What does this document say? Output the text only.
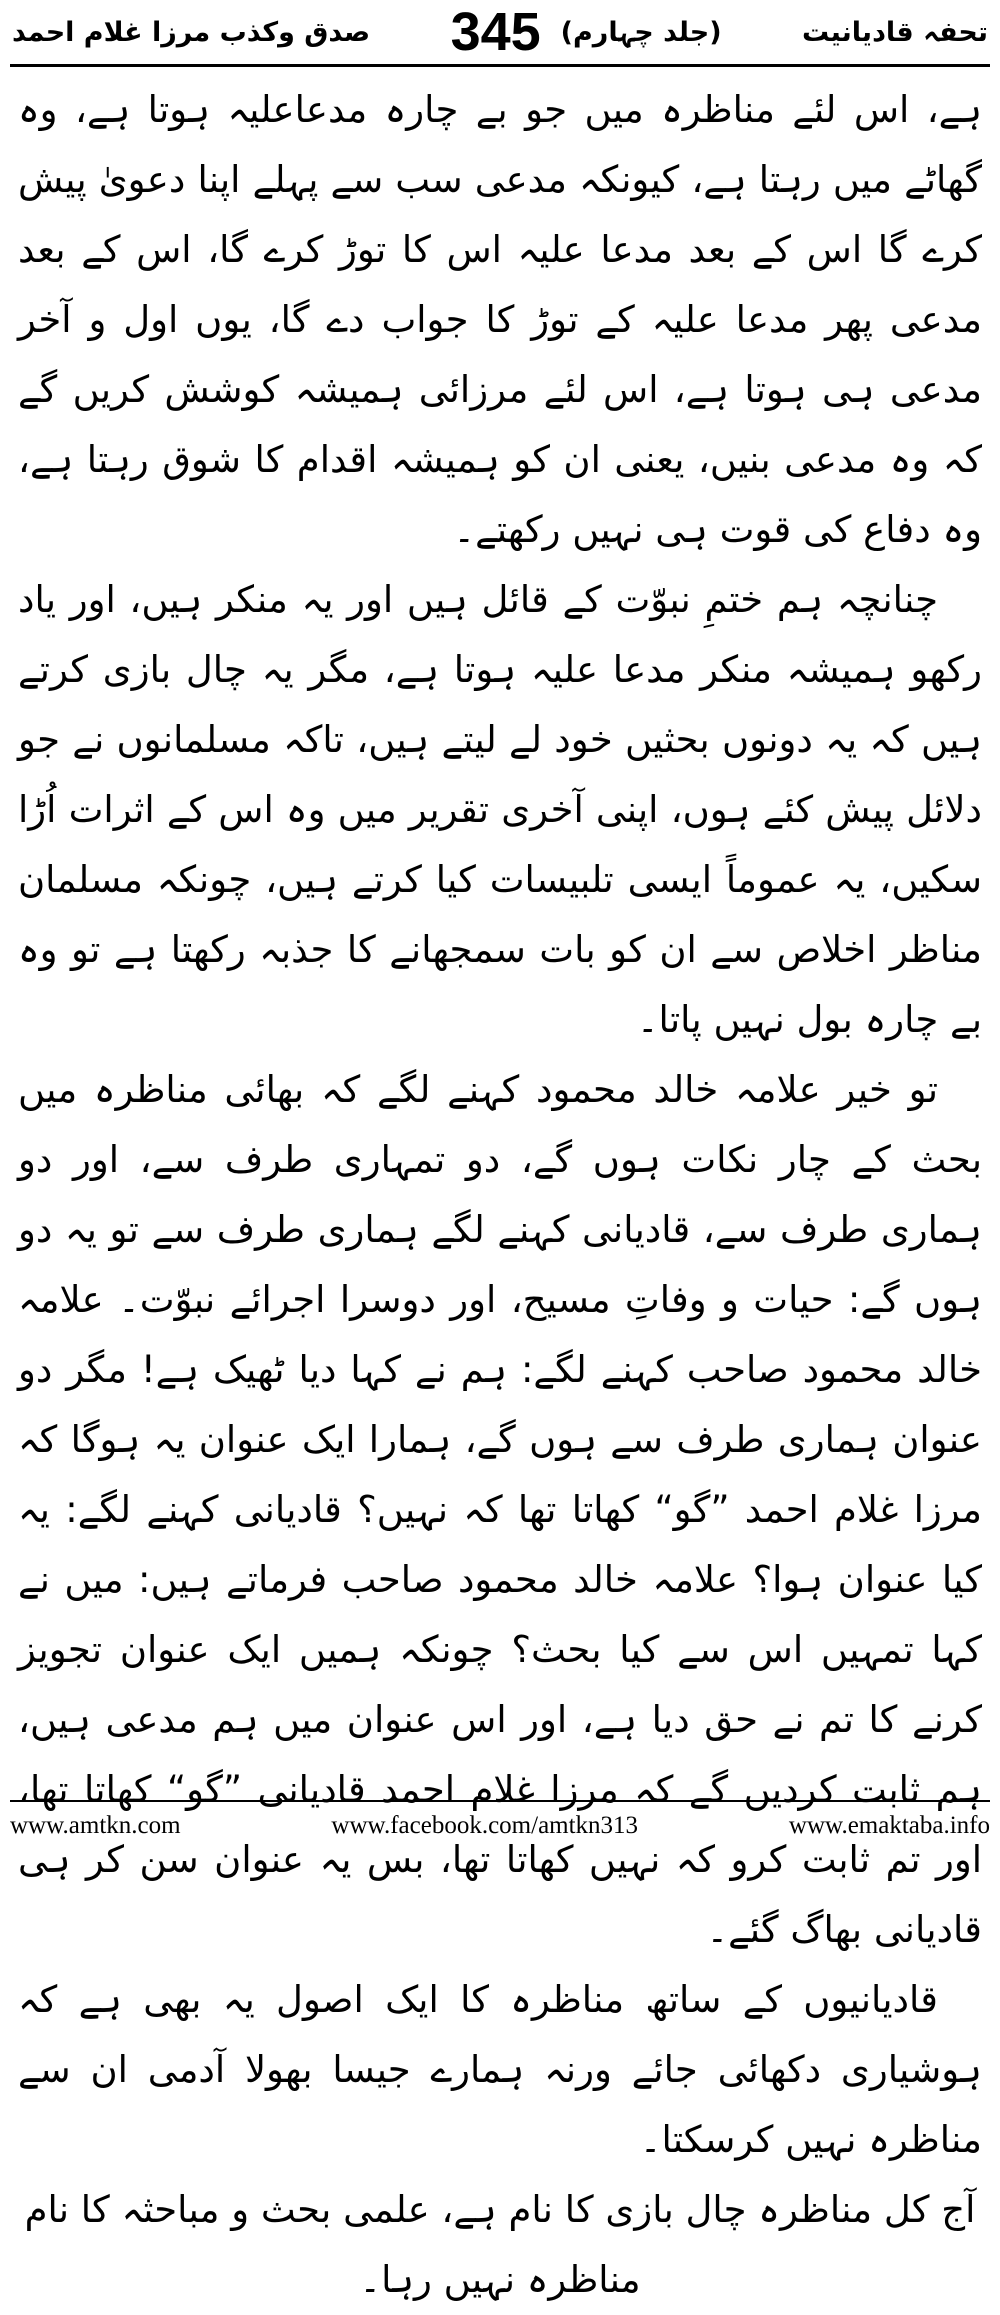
تحفہ قادیانیت
(جلد چہارم)
345
صدق وکذب مرزا غلام احمد

ہے، اس لئے مناظرہ میں جو بے چارہ مدعاعلیہ ہوتا ہے، وہ گھاٹے میں رہتا ہے، کیونکہ مدعی سب سے پہلے اپنا دعویٰ پیش کرے گا اس کے بعد مدعا علیہ اس کا توڑ کرے گا، اس کے بعد مدعی پھر مدعا علیہ کے توڑ کا جواب دے گا، یوں اول و آخر مدعی ہی ہوتا ہے، اس لئے مرزائی ہمیشہ کوشش کریں گے کہ وہ مدعی بنیں، یعنی ان کو ہمیشہ اقدام کا شوق رہتا ہے، وہ دفاع کی قوت ہی نہیں رکھتے۔

چنانچہ ہم ختمِ نبوّت کے قائل ہیں اور یہ منکر ہیں، اور یاد رکھو ہمیشہ منکر مدعا علیہ ہوتا ہے، مگر یہ چال بازی کرتے ہیں کہ یہ دونوں بحثیں خود لے لیتے ہیں، تاکہ مسلمانوں نے جو دلائل پیش کئے ہوں، اپنی آخری تقریر میں وہ اس کے اثرات اُڑا سکیں، یہ عموماً ایسی تلبیسات کیا کرتے ہیں، چونکہ مسلمان مناظر اخلاص سے ان کو بات سمجھانے کا جذبہ رکھتا ہے تو وہ بے چارہ بول نہیں پاتا۔

تو خیر علامہ خالد محمود کہنے لگے کہ بھائی مناظرہ میں بحث کے چار نکات ہوں گے، دو تمہاری طرف سے، اور دو ہماری طرف سے، قادیانی کہنے لگے ہماری طرف سے تو یہ دو ہوں گے: حیات و وفاتِ مسیح، اور دوسرا اجرائے نبوّت۔ علامہ خالد محمود صاحب کہنے لگے: ہم نے کہا دیا ٹھیک ہے! مگر دو عنوان ہماری طرف سے ہوں گے، ہمارا ایک عنوان یہ ہوگا کہ مرزا غلام احمد ”گو“ کھاتا تھا کہ نہیں؟ قادیانی کہنے لگے: یہ کیا عنوان ہوا؟ علامہ خالد محمود صاحب فرماتے ہیں: میں نے کہا تمہیں اس سے کیا بحث؟ چونکہ ہمیں ایک عنوان تجویز کرنے کا تم نے حق دیا ہے، اور اس عنوان میں ہم مدعی ہیں، ہم ثابت کردیں گے کہ مرزا غلام احمد قادیانی ”گو“ کھاتا تھا، اور تم ثابت کرو کہ نہیں کھاتا تھا، بس یہ عنوان سن کر ہی قادیانی بھاگ گئے۔

قادیانیوں کے ساتھ مناظرہ کا ایک اصول یہ بھی ہے کہ ہوشیاری دکھائی جائے ورنہ ہمارے جیسا بھولا آدمی ان سے مناظرہ نہیں کرسکتا۔

آج کل مناظرہ چال بازی کا نام ہے، علمی بحث و مباحثہ کا نام مناظرہ نہیں رہا۔

www.amtkn.com	www.facebook.com/amtkn313	www.emaktaba.info
